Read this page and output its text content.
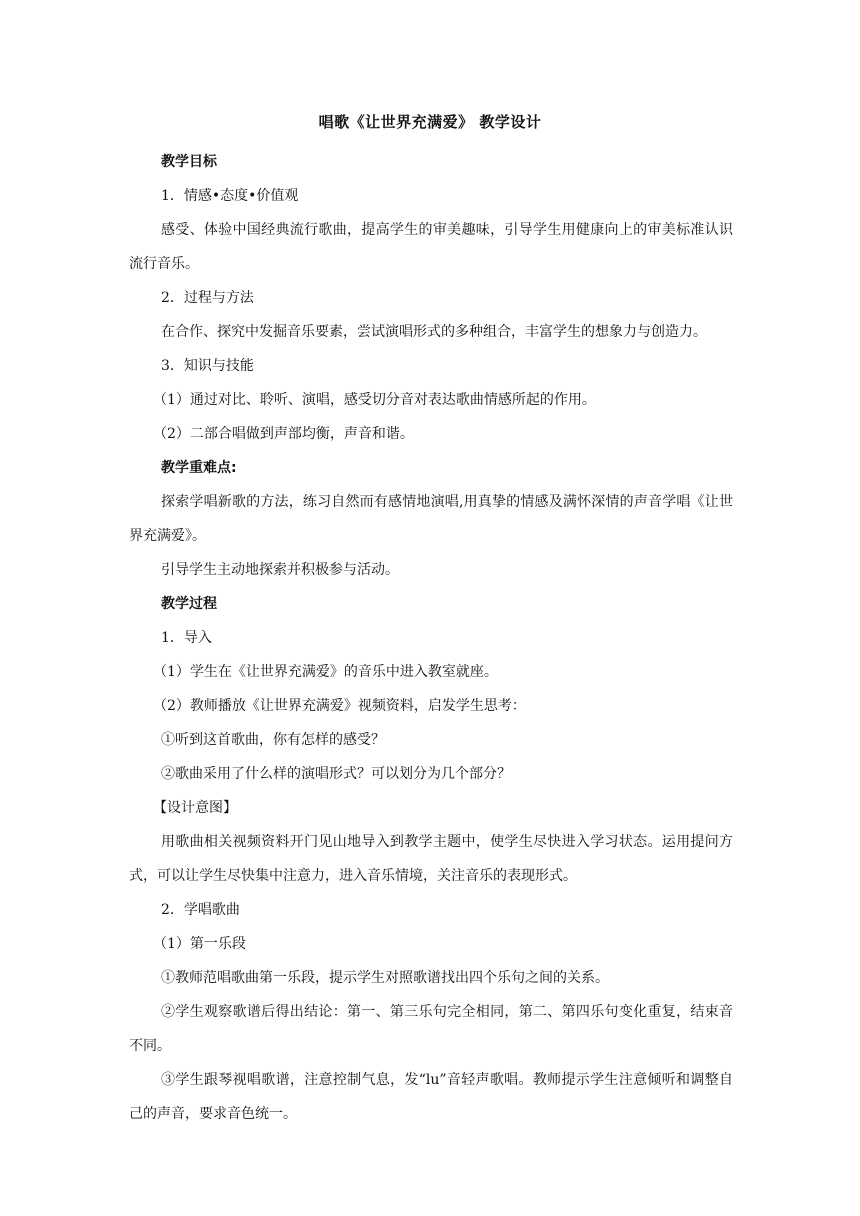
唱歌《让世界充满爱》 教学设计

教学目标

1．情感•态度•价值观

感受、体验中国经典流行歌曲，提高学生的审美趣味，引导学生用健康向上的审美标准认识流行音乐。

2．过程与方法

在合作、探究中发掘音乐要素，尝试演唱形式的多种组合，丰富学生的想象力与创造力。

3．知识与技能

（1）通过对比、聆听、演唱，感受切分音对表达歌曲情感所起的作用。

（2）二部合唱做到声部均衡，声音和谐。

教学重难点:

探索学唱新歌的方法，练习自然而有感情地演唱,用真挚的情感及满怀深情的声音学唱《让世界充满爱》。

引导学生主动地探索并积极参与活动。

教学过程

1．导入

（1）学生在《让世界充满爱》的音乐中进入教室就座。

（2）教师播放《让世界充满爱》视频资料，启发学生思考：

①听到这首歌曲，你有怎样的感受？

②歌曲采用了什么样的演唱形式？可以划分为几个部分？

【设计意图】

用歌曲相关视频资料开门见山地导入到教学主题中，使学生尽快进入学习状态。运用提问方式，可以让学生尽快集中注意力，进入音乐情境，关注音乐的表现形式。

2．学唱歌曲

（1）第一乐段

①教师范唱歌曲第一乐段，提示学生对照歌谱找出四个乐句之间的关系。

②学生观察歌谱后得出结论：第一、第三乐句完全相同，第二、第四乐句变化重复，结束音不同。

③学生跟琴视唱歌谱，注意控制气息，发“lu”音轻声歌唱。教师提示学生注意倾听和调整自己的声音，要求音色统一。
